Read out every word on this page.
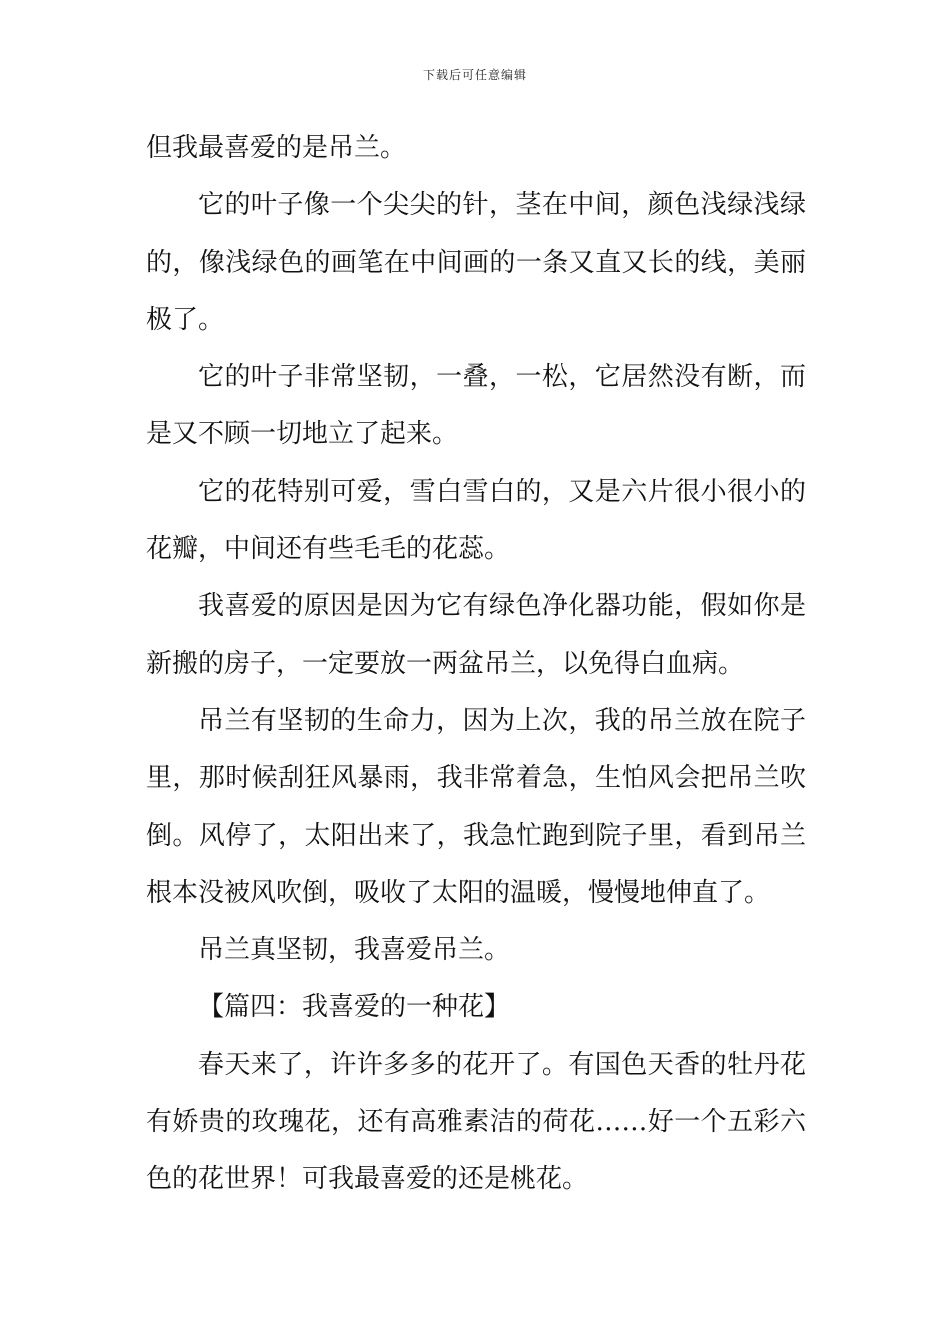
下载后可任意编辑

但我最喜爱的是吊兰。

它的叶子像一个尖尖的针，茎在中间，颜色浅绿浅绿的，像浅绿色的画笔在中间画的一条又直又长的线，美丽极了。

它的叶子非常坚韧，一叠，一松，它居然没有断，而是又不顾一切地立了起来。

它的花特别可爱，雪白雪白的，又是六片很小很小的花瓣，中间还有些毛毛的花蕊。

我喜爱的原因是因为它有绿色净化器功能，假如你是新搬的房子，一定要放一两盆吊兰，以免得白血病。

吊兰有坚韧的生命力，因为上次，我的吊兰放在院子里，那时候刮狂风暴雨，我非常着急，生怕风会把吊兰吹倒。风停了，太阳出来了，我急忙跑到院子里，看到吊兰根本没被风吹倒，吸收了太阳的温暖，慢慢地伸直了。

吊兰真坚韧，我喜爱吊兰。

【篇四：我喜爱的一种花】

春天来了，许许多多的花开了。有国色天香的牡丹花有娇贵的玫瑰花，还有高雅素洁的荷花……好一个五彩六色的花世界！可我最喜爱的还是桃花。
